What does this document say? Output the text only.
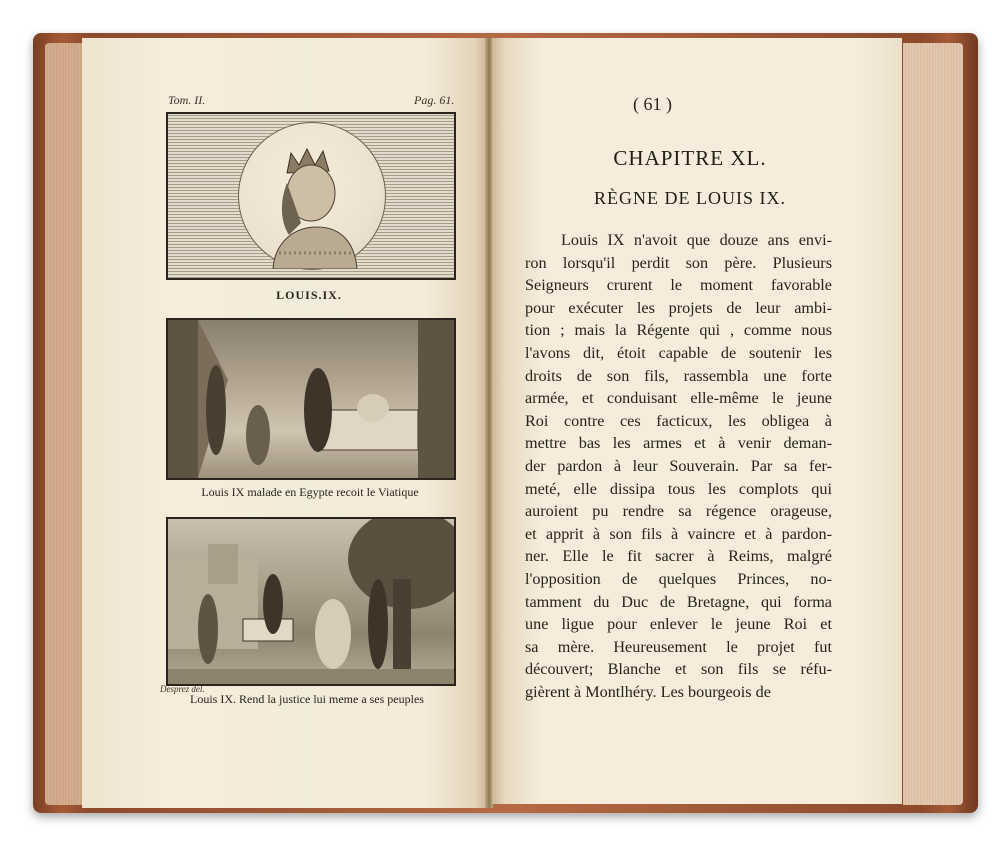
Tom. II.	Pag. 61.
LOUIS.IX.
Louis IX malade en Egypte recoit le Viatique
Desprez del.
Louis IX. Rend la justice lui meme a ses peuples
( 61 )
CHAPITRE XL.
RÈGNE DE LOUIS IX.
Louis IX n'avoit que douze ans envi-
ron lorsqu'il perdit son père. Plusieurs
Seigneurs crurent le moment favorable
pour exécuter les projets de leur ambi-
tion ; mais la Régente qui , comme nous
l'avons dit, étoit capable de soutenir les
droits de son fils, rassembla une forte
armée, et conduisant elle-même le jeune
Roi contre ces facticux, les obligea à
mettre bas les armes et à venir deman-
der pardon à leur Souverain. Par sa fer-
meté, elle dissipa tous les complots qui
auroient pu rendre sa régence orageuse,
et apprit à son fils à vaincre et à pardon-
ner. Elle le fit sacrer à Reims, malgré
l'opposition de quelques Princes, no-
tamment du Duc de Bretagne, qui forma
une ligue pour enlever le jeune Roi et
sa mère. Heureusement le projet fut
découvert; Blanche et son fils se réfu-
gièrent à Montlhéry. Les bourgeois de
